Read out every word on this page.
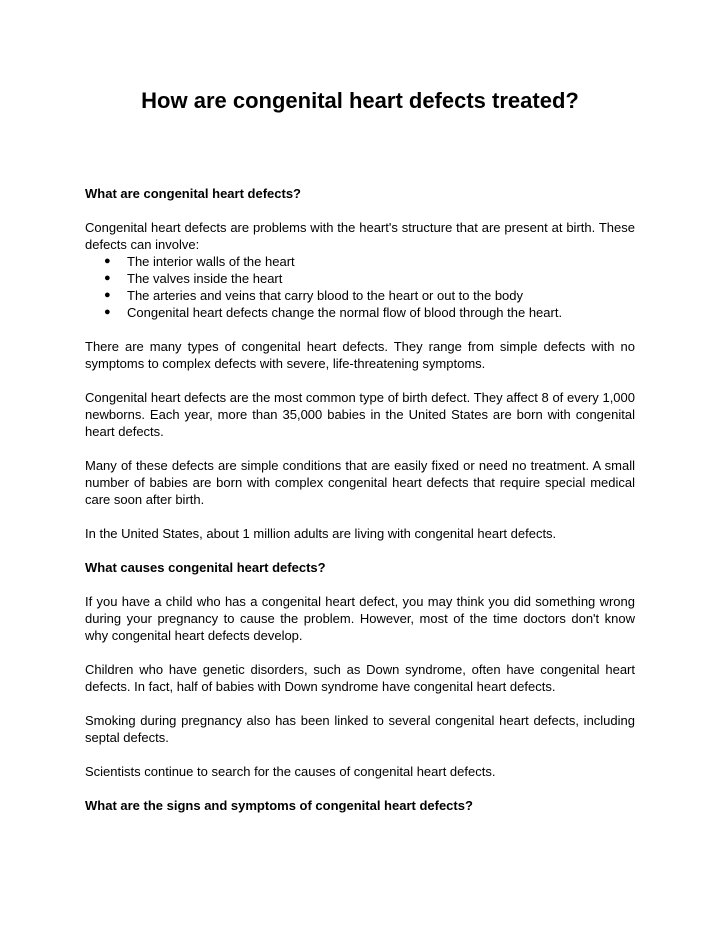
How are congenital heart defects treated?
What are congenital heart defects?

Congenital heart defects are problems with the heart's structure that are present at birth. These defects can involve:

● The interior walls of the heart
● The valves inside the heart
● The arteries and veins that carry blood to the heart or out to the body
● Congenital heart defects change the normal flow of blood through the heart.

There are many types of congenital heart defects. They range from simple defects with no symptoms to complex defects with severe, life-threatening symptoms.

Congenital heart defects are the most common type of birth defect. They affect 8 of every 1,000 newborns. Each year, more than 35,000 babies in the United States are born with congenital heart defects.

Many of these defects are simple conditions that are easily fixed or need no treatment. A small number of babies are born with complex congenital heart defects that require special medical care soon after birth.

In the United States, about 1 million adults are living with congenital heart defects.

What causes congenital heart defects?

If you have a child who has a congenital heart defect, you may think you did something wrong during your pregnancy to cause the problem. However, most of the time doctors don't know why congenital heart defects develop.

Children who have genetic disorders, such as Down syndrome, often have congenital heart defects. In fact, half of babies with Down syndrome have congenital heart defects.

Smoking during pregnancy also has been linked to several congenital heart defects, including septal defects.

Scientists continue to search for the causes of congenital heart defects.

What are the signs and symptoms of congenital heart defects?
